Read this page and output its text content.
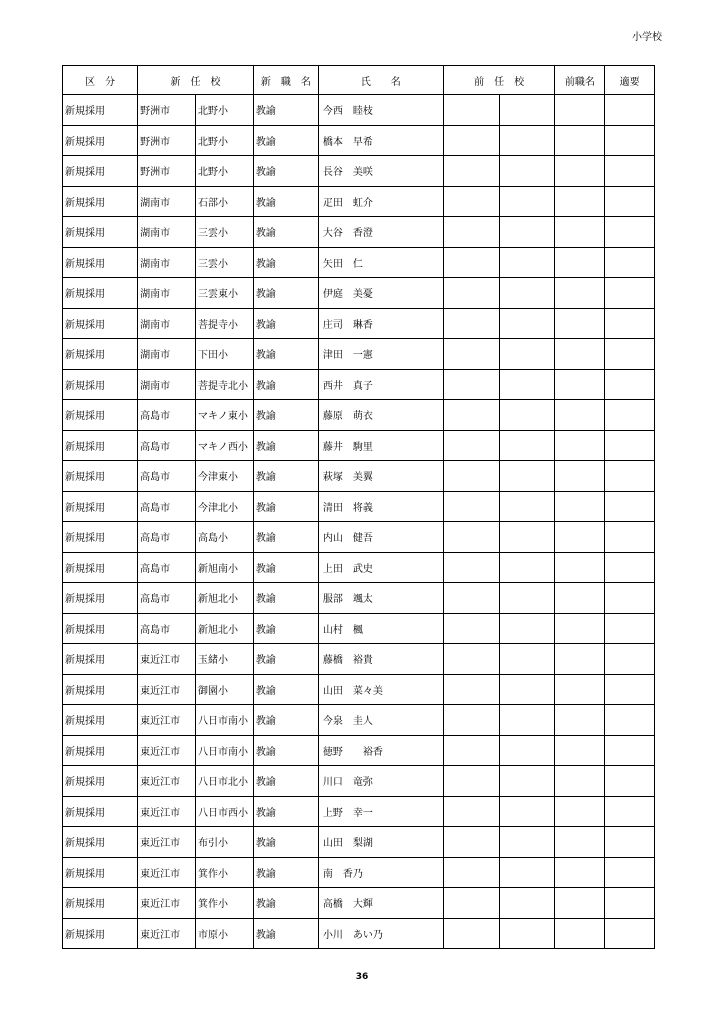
小学校
区　分	新　任　校		新　職　名	氏　　名	前　任　校		前職名	適要
新規採用	野洲市	北野小	教諭	今西　睦枝				
新規採用	野洲市	北野小	教諭	橋本　早希				
新規採用	野洲市	北野小	教諭	長谷　美咲				
新規採用	湖南市	石部小	教諭	疋田　虹介				
新規採用	湖南市	三雲小	教諭	大谷　香澄				
新規採用	湖南市	三雲小	教諭	矢田　仁				
新規採用	湖南市	三雲東小	教諭	伊庭　美憂				
新規採用	湖南市	菩提寺小	教諭	庄司　琳香				
新規採用	湖南市	下田小	教諭	津田　一憲				
新規採用	湖南市	菩提寺北小	教諭	西井　真子				
新規採用	高島市	マキノ東小	教諭	藤原　萌衣				
新規採用	高島市	マキノ西小	教諭	藤井　駒里				
新規採用	高島市	今津東小	教諭	萩塚　美翼				
新規採用	高島市	今津北小	教諭	清田　将義				
新規採用	高島市	高島小	教諭	内山　健吾				
新規採用	高島市	新旭南小	教諭	上田　武史				
新規採用	高島市	新旭北小	教諭	服部　颯太				
新規採用	高島市	新旭北小	教諭	山村　楓				
新規採用	東近江市	玉緒小	教諭	藤橋　裕貴				
新規採用	東近江市	御園小	教諭	山田　菜々美				
新規採用	東近江市	八日市南小	教諭	今泉　圭人				
新規採用	東近江市	八日市南小	教諭	徳野　　裕香				
新規採用	東近江市	八日市北小	教諭	川口　竜弥				
新規採用	東近江市	八日市西小	教諭	上野　幸一				
新規採用	東近江市	布引小	教諭	山田　梨湖				
新規採用	東近江市	箕作小	教諭	南　香乃				
新規採用	東近江市	箕作小	教諭	高橋　大輝				
新規採用	東近江市	市原小	教諭	小川　あい乃				
36
